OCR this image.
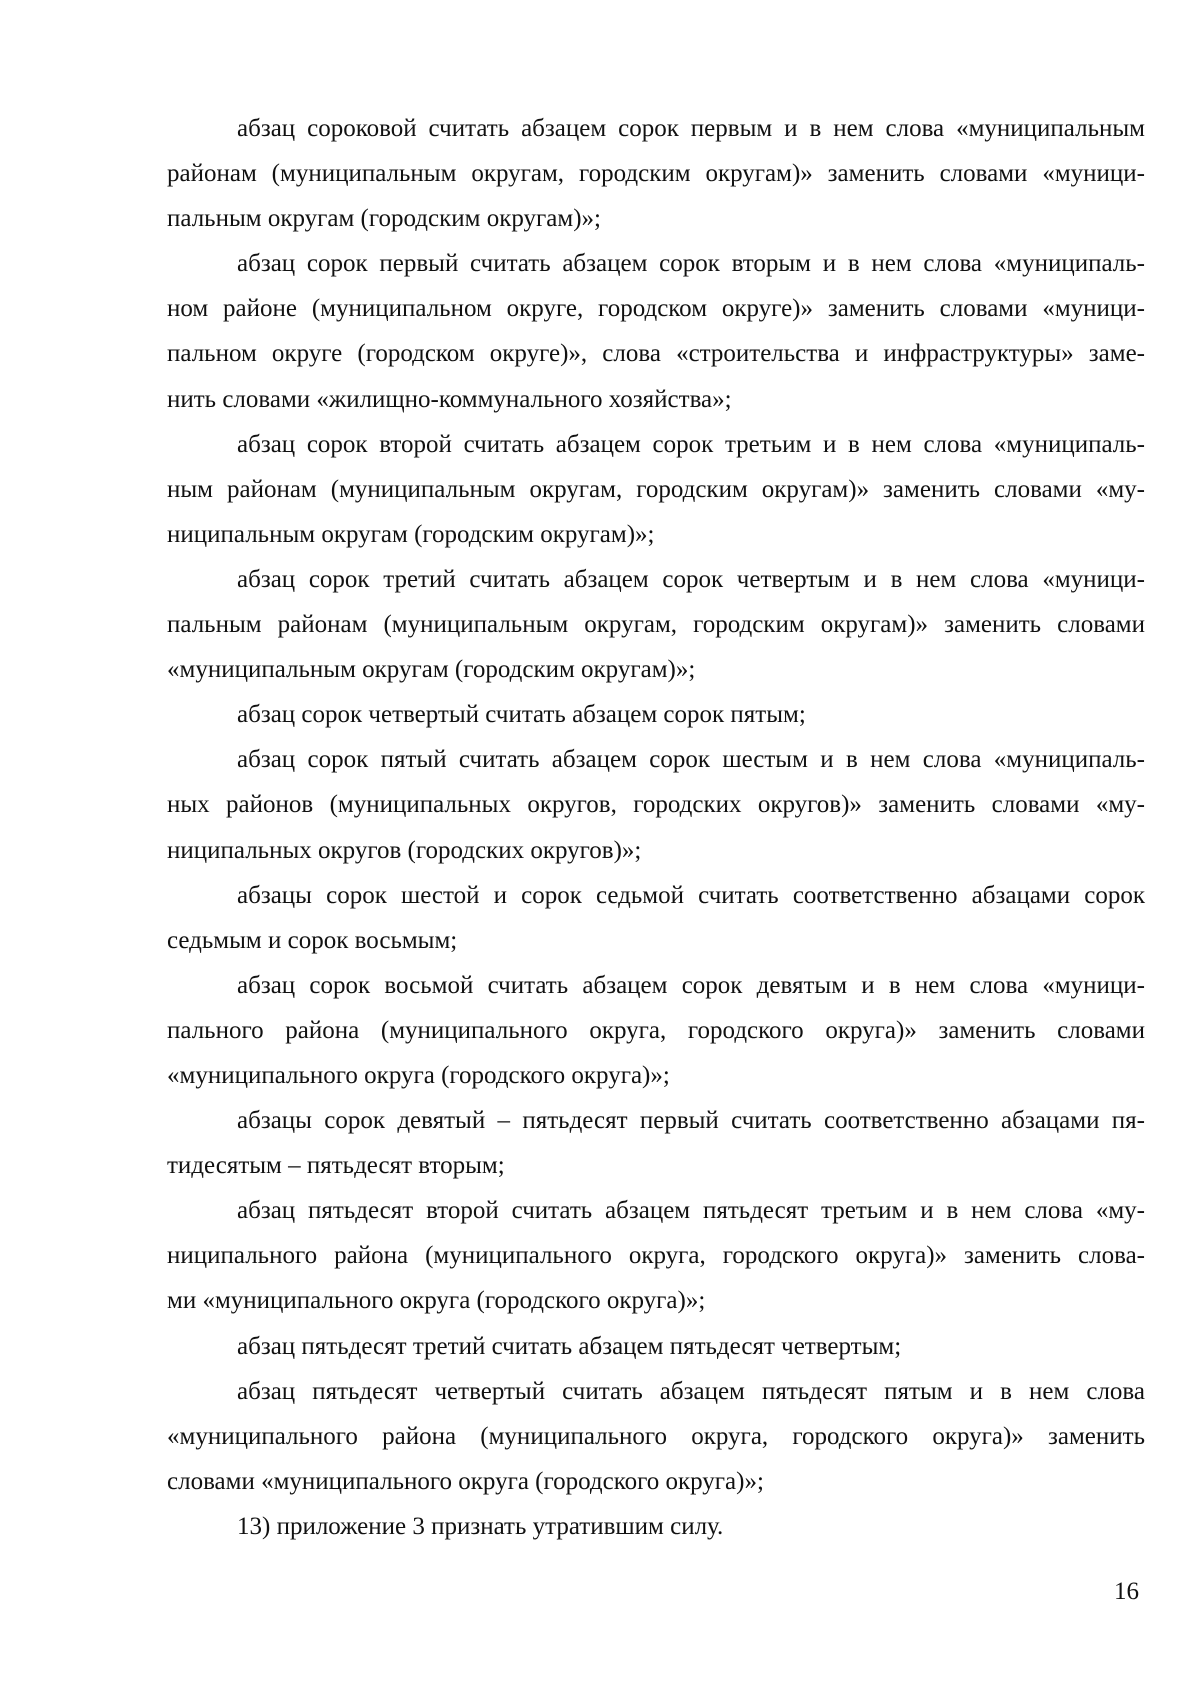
абзац сороковой считать абзацем сорок первым и в нем слова «муниципальным
районам (муниципальным округам, городским округам)» заменить словами «муници-
пальным округам (городским округам)»;
абзац сорок первый считать абзацем сорок вторым и в нем слова «муниципаль-
ном районе (муниципальном округе, городском округе)» заменить словами «муници-
пальном округе (городском округе)», слова «строительства и инфраструктуры» заме-
нить словами «жилищно-коммунального хозяйства»;
абзац сорок второй считать абзацем сорок третьим и в нем слова «муниципаль-
ным районам (муниципальным округам, городским округам)» заменить словами «му-
ниципальным округам (городским округам)»;
абзац сорок третий считать абзацем сорок четвертым и в нем слова «муници-
пальным районам (муниципальным округам, городским округам)» заменить словами
«муниципальным округам (городским округам)»;
абзац сорок четвертый считать абзацем сорок пятым;
абзац сорок пятый считать абзацем сорок шестым и в нем слова «муниципаль-
ных районов (муниципальных округов, городских округов)» заменить словами «му-
ниципальных округов (городских округов)»;
абзацы сорок шестой и сорок седьмой считать соответственно абзацами сорок
седьмым и сорок восьмым;
абзац сорок восьмой считать абзацем сорок девятым и в нем слова «муници-
пального района (муниципального округа, городского округа)» заменить словами
«муниципального округа (городского округа)»;
абзацы сорок девятый – пятьдесят первый считать соответственно абзацами пя-
тидесятым – пятьдесят вторым;
абзац пятьдесят второй считать абзацем пятьдесят третьим и в нем слова «му-
ниципального района (муниципального округа, городского округа)» заменить слова-
ми «муниципального округа (городского округа)»;
абзац пятьдесят третий считать абзацем пятьдесят четвертым;
абзац пятьдесят четвертый считать абзацем пятьдесят пятым и в нем слова
«муниципального района (муниципального округа, городского округа)» заменить
словами «муниципального округа (городского округа)»;
13) приложение 3 признать утратившим силу.
16
